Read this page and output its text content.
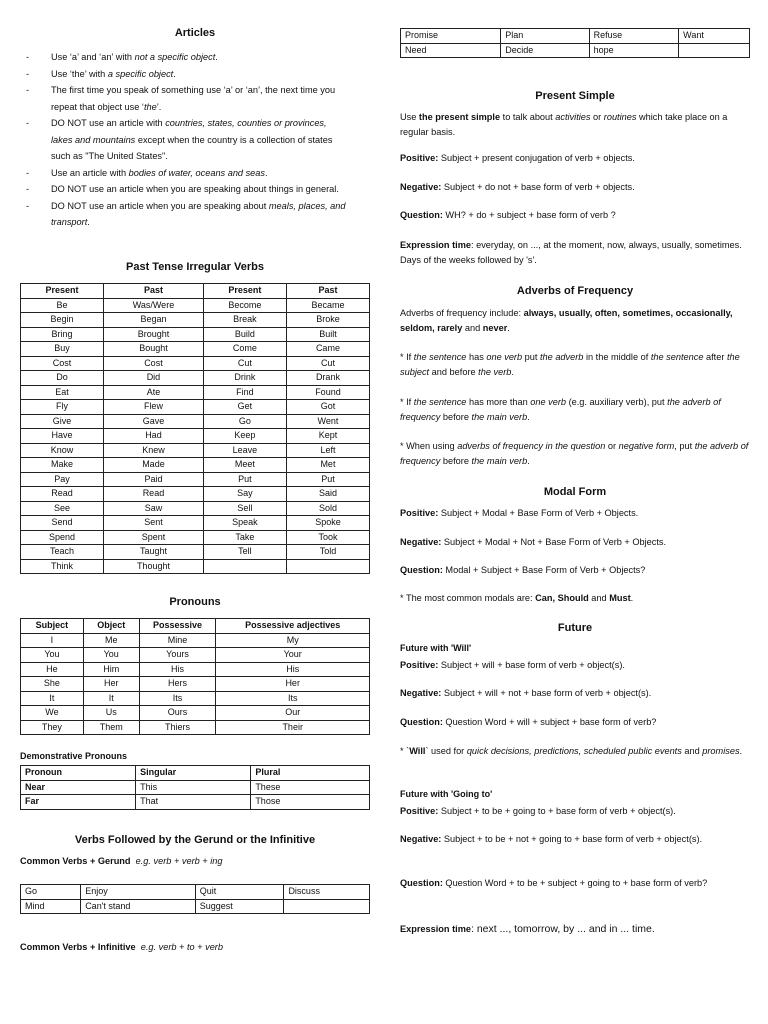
Articles
- Use ‘a’ and ‘an’ with not a specific object.
- Use ‘the’ with a specific object.
- The first time you speak of something use ‘a’ or ‘an’, the next time you repeat that object use ‘the’.
- DO NOT use an article with countries, states, counties or provinces, lakes and mountains except when the country is a collection of states such as "The United States".
- Use an article with bodies of water, oceans and seas.
- DO NOT use an article when you are speaking about things in general.
- DO NOT use an article when you are speaking about meals, places, and transport.
Past Tense Irregular Verbs
Present	Past	Present	Past
Be	Was/Were	Become	Became
Begin	Began	Break	Broke
Bring	Brought	Build	Built
Buy	Bought	Come	Came
Cost	Cost	Cut	Cut
Do	Did	Drink	Drank
Eat	Ate	Find	Found
Fly	Flew	Get	Got
Give	Gave	Go	Went
Have	Had	Keep	Kept
Know	Knew	Leave	Left
Make	Made	Meet	Met
Pay	Paid	Put	Put
Read	Read	Say	Said
See	Saw	Sell	Sold
Send	Sent	Speak	Spoke
Spend	Spent	Take	Took
Teach	Taught	Tell	Told
Think	Thought		
Pronouns
Subject	Object	Possessive	Possessive adjectives
I	Me	Mine	My
You	You	Yours	Your
He	Him	His	His
She	Her	Hers	Her
It	It	Its	Its
We	Us	Ours	Our
They	Them	Thiers	Their
Demonstrative Pronouns
Pronoun	Singular	Plural
Near	This	These
Far	That	Those
Verbs Followed by the Gerund or the Infinitive

Common Verbs + Gerund e.g. verb + verb + ing

Go	Enjoy	Quit	Discuss
Mind	Can't stand	Suggest	

Common Verbs + Infinitive e.g. verb + to + verb

Promise	Plan	Refuse	Want
Need	Decide	hope	
Present Simple

Use the present simple to talk about activities or routines which take place on a regular basis.

Positive: Subject + present conjugation of verb + objects.

Negative: Subject + do not + base form of verb + objects.

Question: WH? + do + subject + base form of verb ?

Expression time: everyday, on ..., at the moment, now, always, usually, sometimes. Days of the weeks followed by 's'.

Adverbs of Frequency

Adverbs of frequency include: always, usually, often, sometimes, occasionally, seldom, rarely and never.

* If the sentence has one verb put the adverb in the middle of the sentence after the subject and before the verb.

* If the sentence has more than one verb (e.g. auxiliary verb), put the adverb of frequency before the main verb.

* When using adverbs of frequency in the question or negative form, put the adverb of frequency before the main verb.

Modal Form

Positive: Subject + Modal + Base Form of Verb + Objects.

Negative: Subject + Modal + Not + Base Form of Verb + Objects.

Question: Modal + Subject + Base Form of Verb + Objects?

* The most common modals are: Can, Should and Must.

Future
Future with 'Will'

Positive: Subject + will + base form of verb + object(s).

Negative: Subject + will + not + base form of verb + object(s).

Question: Question Word + will + subject + base form of verb?

* `Will` used for quick decisions, predictions, scheduled public events and promises.

Future with 'Going to'

Positive: Subject + to be + going to + base form of verb + object(s).

Negative: Subject + to be + not + going to + base form of verb + object(s).

Question: Question Word + to be + subject + going to + base form of verb?

Expression time: next ..., tomorrow, by ... and in ... time.
